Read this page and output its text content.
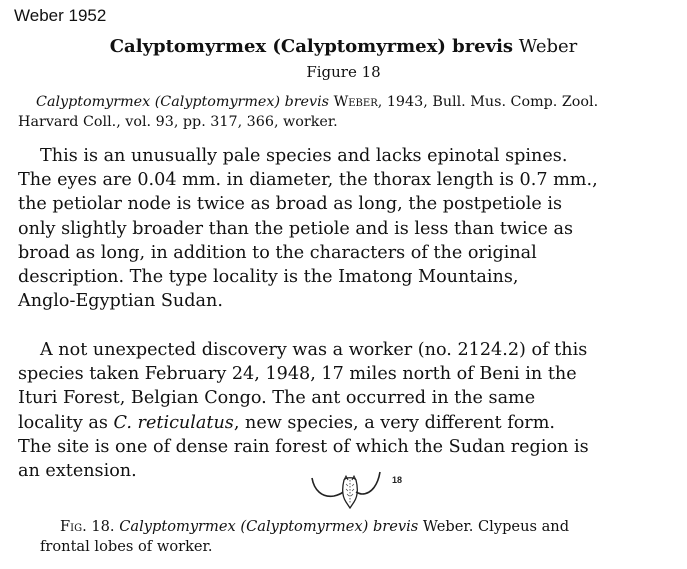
Weber 1952
Calyptomyrmex (Calyptomyrmex) brevis Weber
Figure 18
Calyptomyrmex (Calyptomyrmex) brevis Weber, 1943, Bull. Mus. Comp. Zool.
Harvard Coll., vol. 93, pp. 317, 366, worker.
This is an unusually pale species and lacks epinotal spines.
The eyes are 0.04 mm. in diameter, the thorax length is 0.7 mm.,
the petiolar node is twice as broad as long, the postpetiole is
only slightly broader than the petiole and is less than twice as
broad as long, in addition to the characters of the original
description. The type locality is the Imatong Mountains,
Anglo-Egyptian Sudan.
A not unexpected discovery was a worker (no. 2124.2) of this
species taken February 24, 1948, 17 miles north of Beni in the
Ituri Forest, Belgian Congo. The ant occurred in the same
locality as C. reticulatus, new species, a very different form.
The site is one of dense rain forest of which the Sudan region is
an extension.	18
Fig. 18. Calyptomyrmex (Calyptomyrmex) brevis Weber. Clypeus and
frontal lobes of worker.
